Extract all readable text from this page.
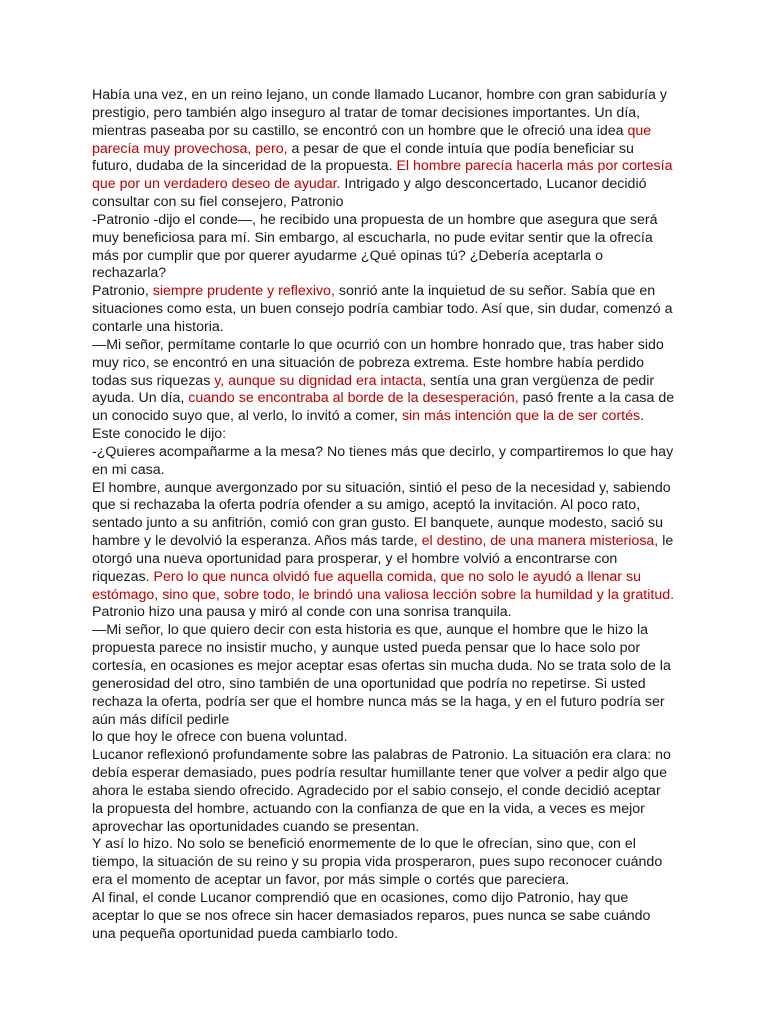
Había una vez, en un reino lejano, un conde llamado Lucanor, hombre con gran sabiduría y
prestigio, pero también algo inseguro al tratar de tomar decisiones importantes. Un día,
mientras paseaba por su castillo, se encontró con un hombre que le ofreció una idea que
parecía muy provechosa, pero, a pesar de que el conde intuía que podía beneficiar su
futuro, dudaba de la sinceridad de la propuesta. El hombre parecía hacerla más por cortesía
que por un verdadero deseo de ayudar. Intrigado y algo desconcertado, Lucanor decidió
consultar con su fiel consejero, Patronio
-Patronio -dijo el conde—, he recibido una propuesta de un hombre que asegura que será
muy beneficiosa para mí. Sin embargo, al escucharla, no pude evitar sentir que la ofrecía
más por cumplir que por querer ayudarme ¿Qué opinas tú? ¿Debería aceptarla o
rechazarla?
Patronio, siempre prudente y reflexivo, sonrió ante la inquietud de su señor. Sabía que en
situaciones como esta, un buen consejo podría cambiar todo. Así que, sin dudar, comenzó a
contarle una historia.
—Mi señor, permítame contarle lo que ocurrió con un hombre honrado que, tras haber sido
muy rico, se encontró en una situación de pobreza extrema. Este hombre había perdido
todas sus riquezas y, aunque su dignidad era intacta, sentía una gran vergüenza de pedir
ayuda. Un día, cuando se encontraba al borde de la desesperación, pasó frente a la casa de
un conocido suyo que, al verlo, lo invitó a comer, sin más intención que la de ser cortés.
Este conocido le dijo:
-¿Quieres acompañarme a la mesa? No tienes más que decirlo, y compartiremos lo que hay
en mi casa.
El hombre, aunque avergonzado por su situación, sintió el peso de la necesidad y, sabiendo
que si rechazaba la oferta podría ofender a su amigo, aceptó la invitación. Al poco rato,
sentado junto a su anfitrión, comió con gran gusto. El banquete, aunque modesto, sació su
hambre y le devolvió la esperanza. Años más tarde, el destino, de una manera misteriosa, le
otorgó una nueva oportunidad para prosperar, y el hombre volvió a encontrarse con
riquezas. Pero lo que nunca olvidó fue aquella comida, que no solo le ayudó a llenar su
estómago, sino que, sobre todo, le brindó una valiosa lección sobre la humildad y la gratitud.
Patronio hizo una pausa y miró al conde con una sonrisa tranquila.
—Mi señor, lo que quiero decir con esta historia es que, aunque el hombre que le hizo la
propuesta parece no insistir mucho, y aunque usted pueda pensar que lo hace solo por
cortesía, en ocasiones es mejor aceptar esas ofertas sin mucha duda. No se trata solo de la
generosidad del otro, sino también de una oportunidad que podría no repetirse. Si usted
rechaza la oferta, podría ser que el hombre nunca más se la haga, y en el futuro podría ser
aún más difícil pedirle
lo que hoy le ofrece con buena voluntad.
Lucanor reflexionó profundamente sobre las palabras de Patronio. La situación era clara: no
debía esperar demasiado, pues podría resultar humillante tener que volver a pedir algo que
ahora le estaba siendo ofrecido. Agradecido por el sabio consejo, el conde decidió aceptar
la propuesta del hombre, actuando con la confianza de que en la vida, a veces es mejor
aprovechar las oportunidades cuando se presentan.
Y así lo hizo. No solo se benefició enormemente de lo que le ofrecían, sino que, con el
tiempo, la situación de su reino y su propia vida prosperaron, pues supo reconocer cuándo
era el momento de aceptar un favor, por más simple o cortés que pareciera.
Al final, el conde Lucanor comprendió que en ocasiones, como dijo Patronio, hay que
aceptar lo que se nos ofrece sin hacer demasiados reparos, pues nunca se sabe cuándo
una pequeña oportunidad pueda cambiarlo todo.
